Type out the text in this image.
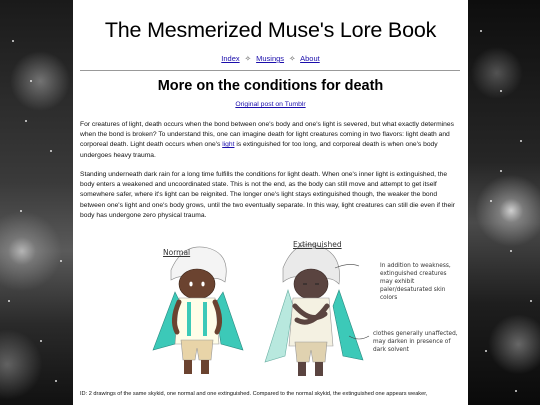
The Mesmerized Muse's Lore Book
Index ✧ Musings ✧ About
More on the conditions for death
Original post on Tumblr

For creatures of light, death occurs when the bond between one's body and one's light is severed, but what exactly determines when the bond is broken? To understand this, one can imagine death for light creatures coming in two flavors: light death and corporeal death. Light death occurs when one's light is extinguished for too long, and corporeal death is when one's body undergoes heavy trauma.

Standing underneath dark rain for a long time fulfills the conditions for light death. When one's inner light is extinguished, the body enters a weakened and uncoordinated state. This is not the end, as the body can still move and attempt to get itself somewhere safer, where it's light can be reignited. The longer one's light stays extinguished though, the weaker the bond between one's light and one's body grows, until the two eventually separate. In this way, light creatures can still die even if their body has undergone zero physical trauma.

Normal
Extinguished
In addition to weakness, extinguished creatures may exhibit paler/desaturated skin colors
clothes generally unaffected, may darken in presence of dark solvent
ID: 2 drawings of the same skykid, one normal and one extinguished. Compared to the normal skykid, the extinguished one appears weaker,
